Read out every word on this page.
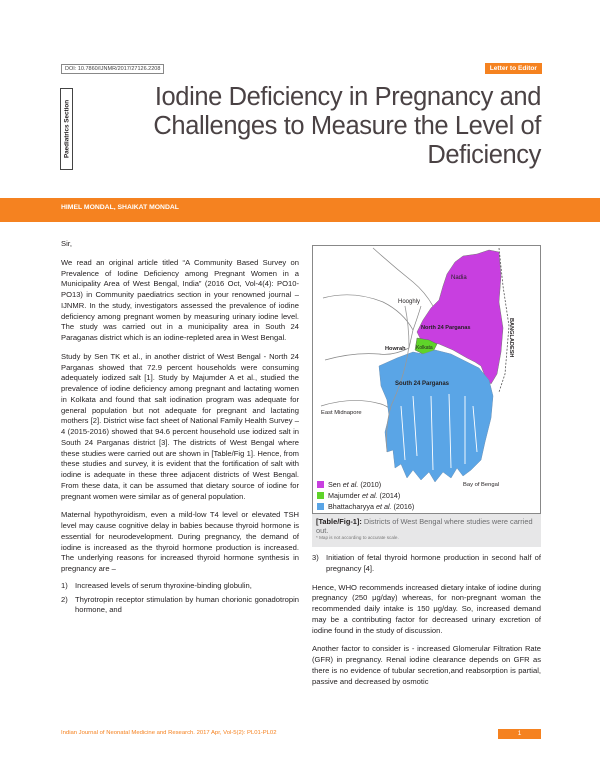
DOI: 10.7860/IJNMR/2017/27126.2208	Letter to Editor
Paediatrics Section
Iodine Deficiency in Pregnancy and
Challenges to Measure the Level of
Deficiency
HIMEL MONDAL, SHAIKAT MONDAL

Sir,

We read an original article titled “A Community Based Survey on Prevalence of Iodine Deficiency among Pregnant Women in a Municipality Area of West Bengal, India” (2016 Oct, Vol-4(4): PO10-PO13) in Community paediatrics section in your renowned journal – IJNMR. In the study, investigators assessed the prevalence of iodine deficiency among pregnant women by measuring urinary iodine level. The study was carried out in a municipality area in South 24 Paraganas district which is an iodine-repleted area in West Bengal.

Study by Sen TK et al., in another district of West Bengal - North 24 Parganas showed that 72.9 percent households were consuming adequately iodized salt [1]. Study by Majumder A et al., studied the prevalence of iodine deficiency among pregnant and lactating women in Kolkata and found that salt iodination program was adequate for general population but not adequate for pregnant and lactating mothers [2]. District wise fact sheet of National Family Health Survey – 4 (2015-2016) showed that 94.6 percent household use iodized salt in South 24 Parganas district [3]. The districts of West Bengal where these studies were carried out are shown in [Table/Fig 1]. Hence, from these studies and survey, it is evident that the fortification of salt with iodine is adequate in these three adjacent districts of West Bengal. From these data, it can be assumed that dietary source of iodine for pregnant women were similar as of general population.

Maternal hypothyroidism, even a mild-low T4 level or elevated TSH level may cause cognitive delay in babies because thyroid hormone is essential for neurodevelopment. During pregnancy, the demand of iodine is increased as the thyroid hormone production is increased. The underlying reasons for increased thyroid hormone synthesis in pregnancy are –

1) Increased levels of serum thyroxine-binding globulin,
2) Thyrotropin receptor stimulation by human chorionic gonadotropin hormone, and
Nadia
Hooghly
North 24 Parganas
Howrah Kolkata
South 24 Parganas
BANGLADESH
East Midnapore
Bay of Bengal
Sen et al. (2010)
Majumder et al. (2014)
Bhattacharyya et al. (2016)
[Table/Fig-1]: Districts of West Bengal where studies were carried out.
* Map is not according to accurate scale.
3) Initiation of fetal thyroid hormone production in second half of pregnancy [4].

Hence, WHO recommends increased dietary intake of iodine during pregnancy (250 μg/day) whereas, for non-pregnant woman the recommended daily intake is 150 μg/day. So, increased demand may be a contributing factor for decreased urinary excretion of iodine found in the study of discussion.

Another factor to consider is - increased Glomerular Filtration Rate (GFR) in pregnancy. Renal iodine clearance depends on GFR as there is no evidence of tubular secretion,and reabsorption is partial, passive and decreased by osmotic

Indian Journal of Neonatal Medicine and Research. 2017 Apr, Vol-5(2): PL01-PL02	1
